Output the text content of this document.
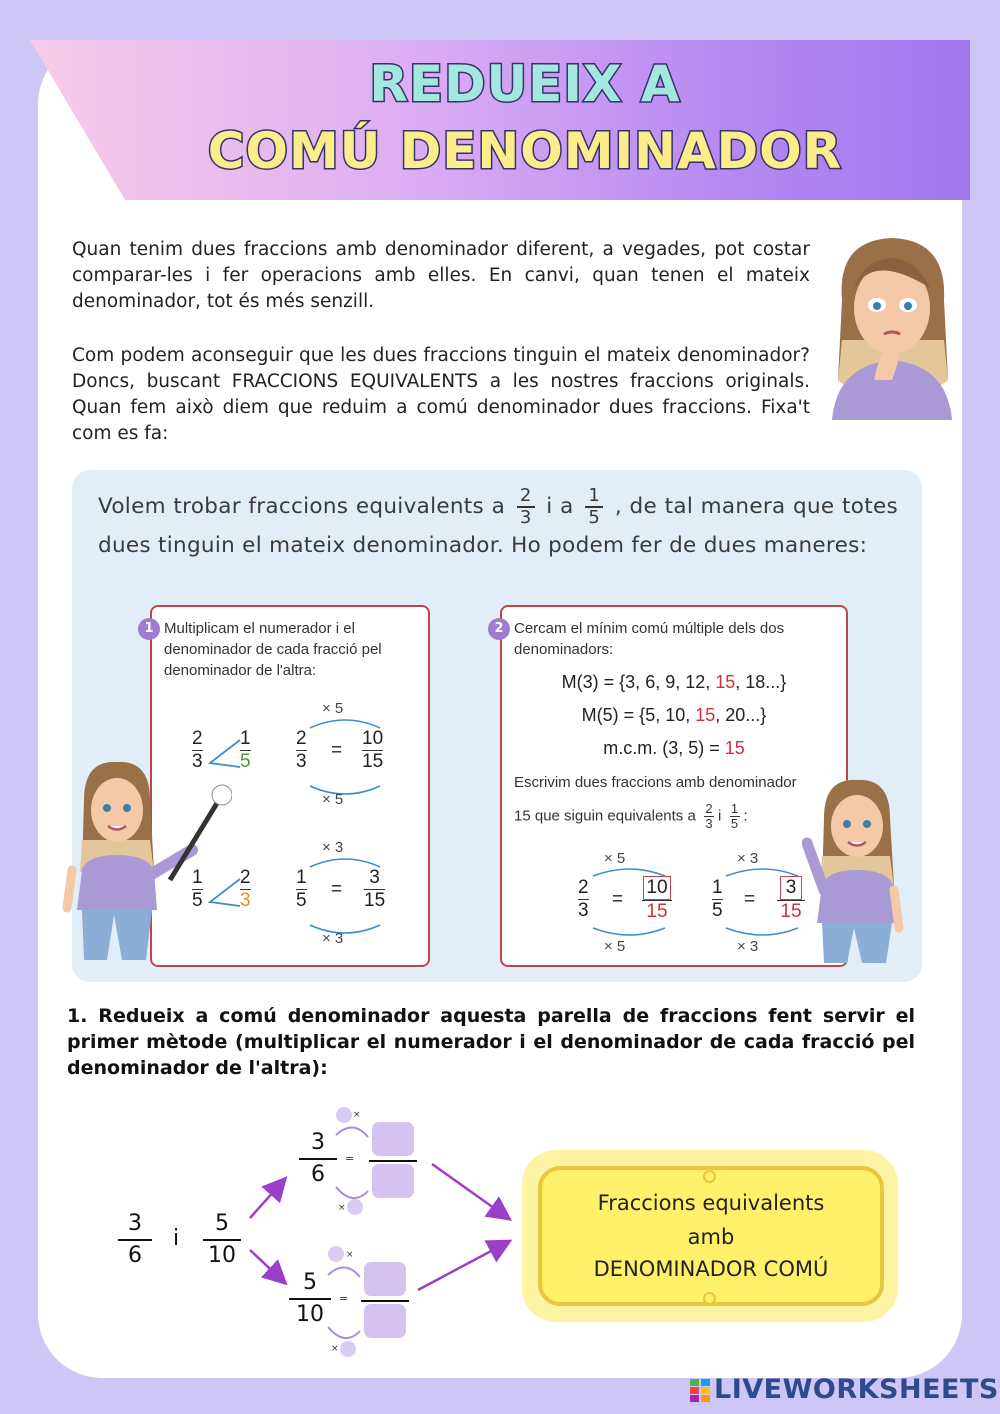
REDUEIX A
COMÚ DENOMINADOR

Quan tenim dues fraccions amb denominador diferent, a vegades, pot costar comparar-les i fer operacions amb elles. En canvi, quan tenen el mateix denominador, tot és més senzill.

Com podem aconseguir que les dues fraccions tinguin el mateix denominador? Doncs, buscant FRACCIONS EQUIVALENTS a les nostres fraccions originals. Quan fem això diem que reduim a comú denominador dues fraccions. Fixa't com es fa:

Volem trobar fraccions equivalents a $\frac{2}{3}$ i a $\frac{1}{5}$ , de tal manera que totes dues tinguin el mateix denominador. Ho podem fer de dues maneres:
1 Multiplicam el numerador i el denominador de cada fracció pel denominador de l'altra:
2
3
1
5
× 5
2
3
=
10
15
× 5
1
5
2
3
× 3
1
5
=
3
15
× 3
2 Cercam el mínim comú múltiple dels dos denominadors:
M(3) = {3, 6, 9, 12, 15, 18...}
M(5) = {5, 10, 15, 20...}
m.c.m. (3, 5) = 15
Escrivim dues fraccions amb denominador
15 que siguin equivalents a $\frac{2}{3}$ i $\frac{1}{5}$ :
× 5
2
3
= $\frac{10}{15}$
× 5
× 3
1
5
= $\frac{3}{15}$
× 3

1. Redueix a comú denominador aquesta parella de fraccions fent servir el primer mètode (multiplicar el numerador i el denominador de cada fracció pel denominador de l'altra):

3
6
i
5
10
×
3
6
=
×
×
5
10
=
×
Fraccions equivalents
amb
DENOMINADOR COMÚ
LIVEWORKSHEETS
